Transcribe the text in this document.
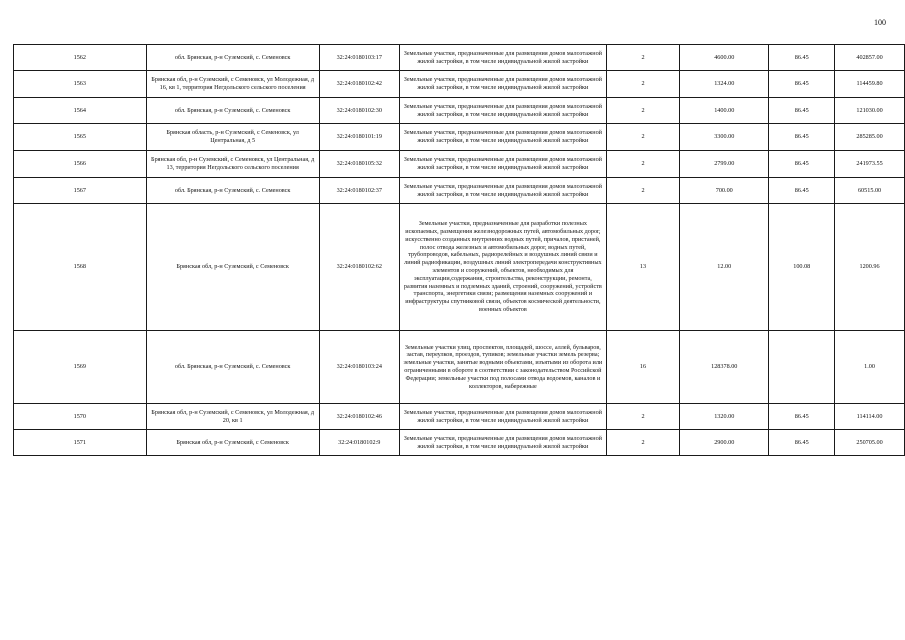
100
1562	обл. Брянская, р-н Суземский, с. Семеновск	32:24:0180103:17	Земельные участки, предназначенные для размещения домов малоэтажной жилой застройки, в том числе индивидуальной жилой застройки	2	4600.00	86.45	402857.00
1563	Брянская обл, р-н Суземский, с Семеновск, ул Молодежная, д 16, кв 1, территория Негдольского сельского поселения	32:24:0180102:42	Земельные участки, предназначенные для размещения домов малоэтажной жилой застройки, в том числе индивидуальной жилой застройки	2	1324.00	86.45	114459.80
1564	обл. Брянская, р-н Суземский, с. Семеновск	32:24:0180102:30	Земельные участки, предназначенные для размещения домов малоэтажной жилой застройки, в том числе индивидуальной жилой застройки	2	1400.00	86.45	121030.00
1565	Брянская область, р-н Суземский, с Семеновск, ул Центральная, д 5	32:24:0180101:19	Земельные участки, предназначенные для размещения домов малоэтажной жилой застройки, в том числе индивидуальной жилой застройки	2	3300.00	86.45	285285.00
1566	Брянская обл, р-н Суземский, с Семеновск, ул Центральная, д 13, территория Негдольского сельского поселения	32:24:0180105:32	Земельные участки, предназначенные для размещения домов малоэтажной жилой застройки, в том числе индивидуальной жилой застройки	2	2799.00	86.45	241973.55
1567	обл. Брянская, р-н Суземский, с. Семеновск	32:24:0180102:37	Земельные участки, предназначенные для размещения домов малоэтажной жилой застройки, в том числе индивидуальной жилой застройки	2	700.00	86.45	60515.00
1568	Брянская обл, р-н Суземский, с Семеновск	32:24:0180102:62	Земельные участки, предназначенные для разработки полезных ископаемых, размещения железнодорожных путей, автомобильных дорог, искусственно созданных внутренних водных путей, причалов, пристаней, полос отвода железных и автомобильных дорог, водных путей, трубопроводов, кабельных, радиорелейных и воздушных линий связи и линий радиофикации, воздушных линий электропередачи конструктивных элементов и сооружений, объектов, необходимых для эксплуатации,содержания, строительства, реконструкции, ремонта, развития наземных и подземных зданий, строений, сооружений, устройств транспорта, энергетики связи; размещения наземных сооружений и инфраструктуры спутниковой связи, объектов космической деятельности, военных объектов	13	12.00	100.08	1200.96
1569	обл. Брянская, р-н Суземский, с. Семеновск	32:24:0180103:24	Земельные участки улиц, проспектов, площадей, шоссе, аллей, бульваров, застав, переулков, проездов, тупиков; земельные участки земель резерва; земельные участки, занятые водными объектами, изъятыми из оборота или ограниченными в обороте в соответствии с законодательством Российской Федерации; земельные участки под полосами отвода водоемов, каналов и коллекторов, набережные	16	128378.00		1.00
1570	Брянская обл, р-н Суземский, с Семеновск, ул Молодежная, д 20, кв 1	32:24:0180102:46	Земельные участки, предназначенные для размещения домов малоэтажной жилой застройки, в том числе индивидуальной жилой застройки	2	1320.00	86.45	114114.00
1571	Брянская обл, р-н Суземский, с Семеновск	32:24:0180102:9	Земельные участки, предназначенные для размещения домов малоэтажной жилой застройки, в том числе индивидуальной жилой застройки	2	2900.00	86.45	250705.00
